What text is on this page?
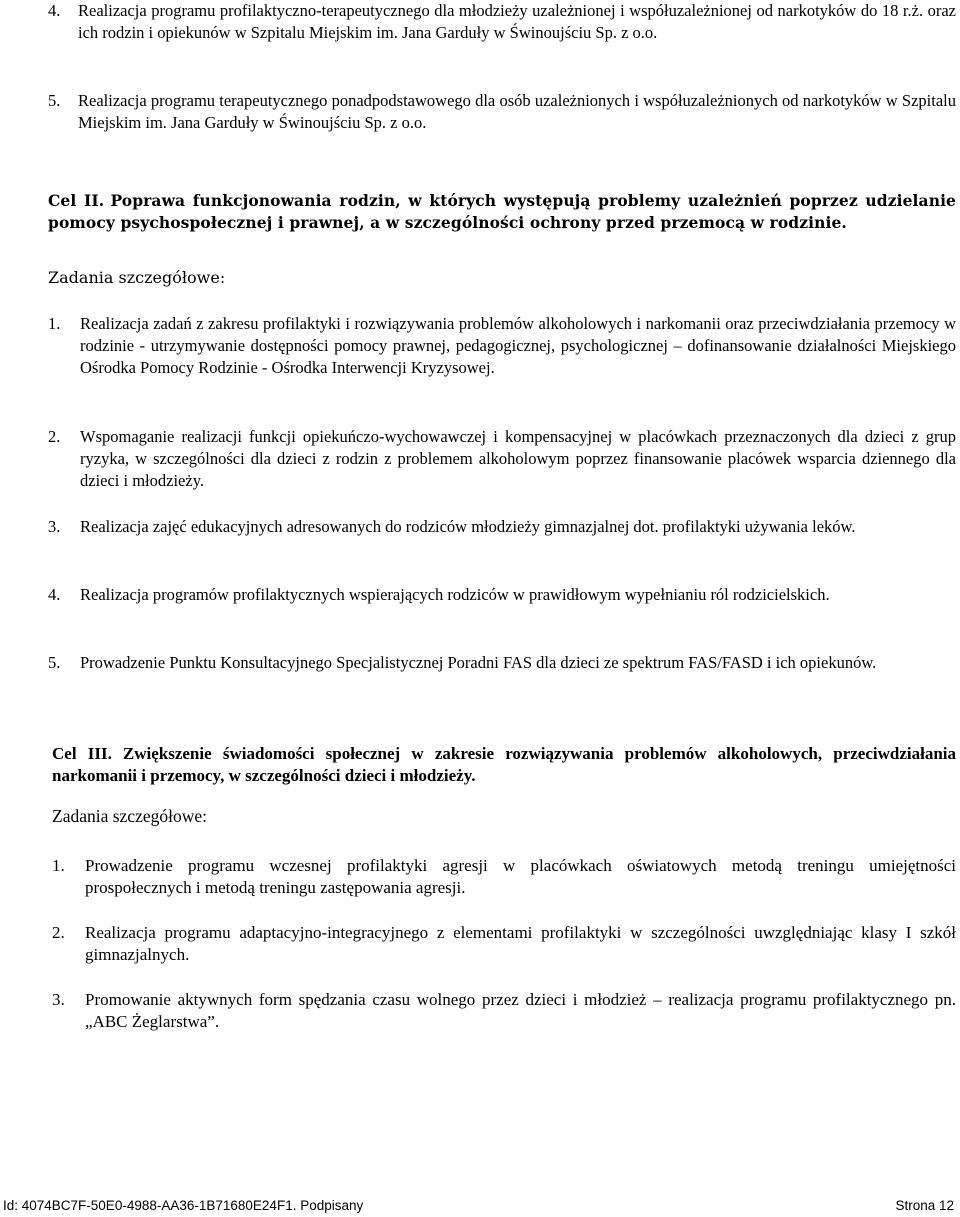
4.	Realizacja programu profilaktyczno-terapeutycznego dla młodzieży uzależnionej i współuzależnionej od narkotyków do 18 r.ż. oraz ich rodzin i opiekunów w Szpitalu Miejskim im. Jana Garduły w Świnoujściu Sp. z o.o.
5.	Realizacja programu terapeutycznego ponadpodstawowego dla osób uzależnionych i współuzależnionych od narkotyków w Szpitalu Miejskim im. Jana Garduły w Świnoujściu Sp. z o.o.
Cel II. Poprawa funkcjonowania rodzin, w których występują problemy uzależnień poprzez udzielanie pomocy psychospołecznej i prawnej, a w szczególności ochrony przed przemocą w rodzinie.
Zadania szczegółowe:
1.	Realizacja zadań z zakresu profilaktyki i rozwiązywania problemów alkoholowych i narkomanii oraz przeciwdziałania przemocy w rodzinie - utrzymywanie dostępności pomocy prawnej, pedagogicznej, psychologicznej – dofinansowanie działalności Miejskiego Ośrodka Pomocy Rodzinie - Ośrodka Interwencji Kryzysowej.
2.	Wspomaganie realizacji funkcji opiekuńczo-wychowawczej i kompensacyjnej w placówkach przeznaczonych dla dzieci z grup ryzyka, w szczególności dla dzieci z rodzin z problemem alkoholowym poprzez finansowanie placówek wsparcia dziennego dla dzieci i młodzieży.
3.	Realizacja zajęć edukacyjnych adresowanych do rodziców młodzieży gimnazjalnej dot. profilaktyki używania leków.
4.	Realizacja programów profilaktycznych wspierających rodziców w prawidłowym wypełnianiu ról rodzicielskich.
5.	Prowadzenie Punktu Konsultacyjnego Specjalistycznej Poradni FAS dla dzieci ze spektrum FAS/FASD i ich opiekunów.
Cel III. Zwiększenie świadomości społecznej w zakresie rozwiązywania problemów alkoholowych, przeciwdziałania narkomanii i przemocy, w szczególności dzieci i młodzieży.
Zadania szczegółowe:
1.	Prowadzenie programu wczesnej profilaktyki agresji w placówkach oświatowych metodą treningu umiejętności prospołecznych i metodą treningu zastępowania agresji.
2.	Realizacja programu adaptacyjno-integracyjnego z elementami profilaktyki w szczególności uwzględniając klasy I szkół gimnazjalnych.
3.	Promowanie aktywnych form spędzania czasu wolnego przez dzieci i młodzież – realizacja programu profilaktycznego pn. „ABC Żeglarstwa”.
Id: 4074BC7F-50E0-4988-AA36-1B71680E24F1. Podpisany	Strona 12
